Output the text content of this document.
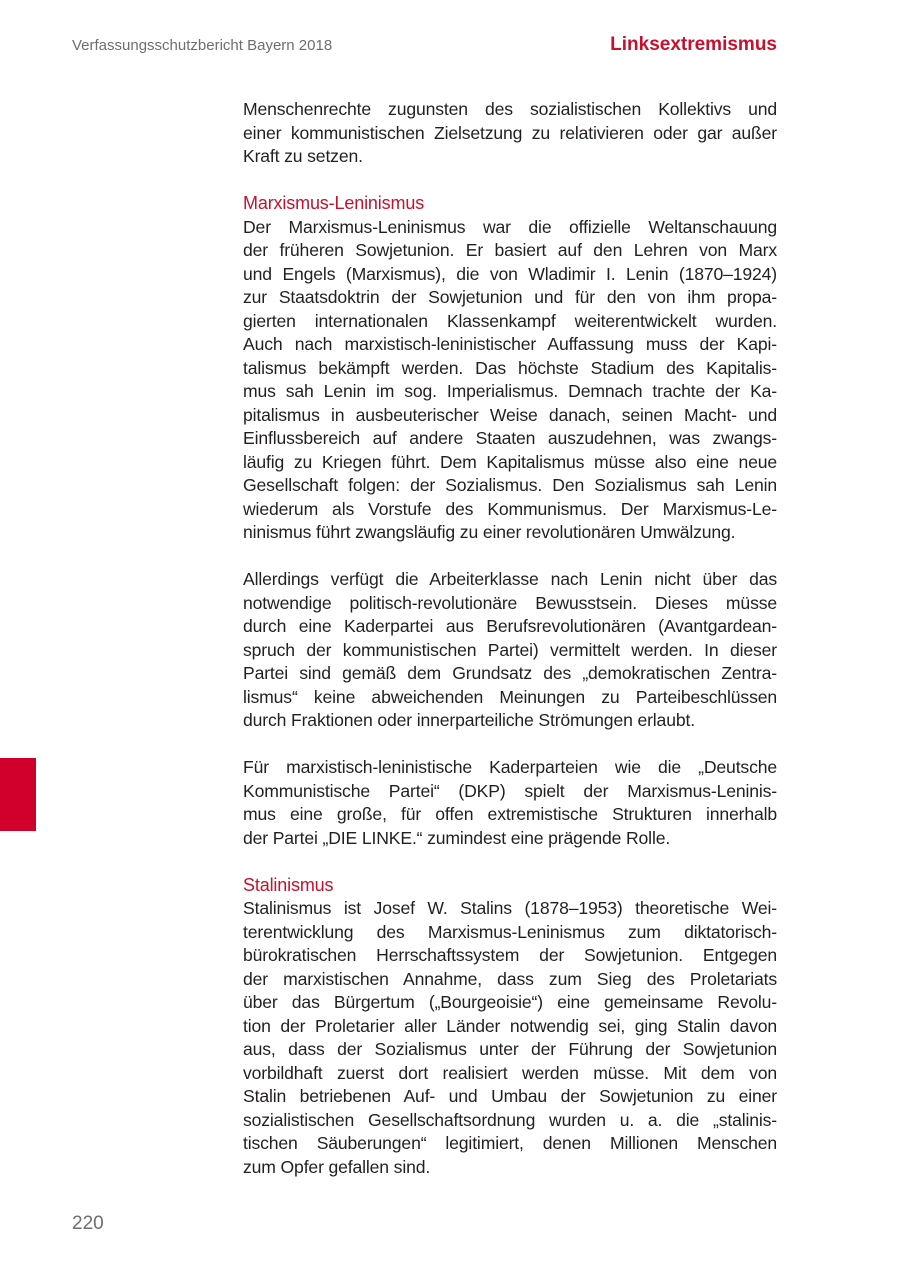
Verfassungsschutzbericht Bayern 2018	Linksextremismus
Menschenrechte zugunsten des sozialistischen Kollektivs und
einer kommunistischen Zielsetzung zu relativieren oder gar außer
Kraft zu setzen.
Marxismus-Leninismus
Der Marxismus-Leninismus war die offizielle Weltanschauung
der früheren Sowjetunion. Er basiert auf den Lehren von Marx
und Engels (Marxismus), die von Wladimir I. Lenin (1870–1924)
zur Staatsdoktrin der Sowjetunion und für den von ihm propa-
gierten internationalen Klassenkampf weiterentwickelt wurden.
Auch nach marxistisch-leninistischer Auffassung muss der Kapi-
talismus bekämpft werden. Das höchste Stadium des Kapitalis-
mus sah Lenin im sog. Imperialismus. Demnach trachte der Ka-
pitalismus in ausbeuterischer Weise danach, seinen Macht- und
Einflussbereich auf andere Staaten auszudehnen, was zwangs-
läufig zu Kriegen führt. Dem Kapitalismus müsse also eine neue
Gesellschaft folgen: der Sozialismus. Den Sozialismus sah Lenin
wiederum als Vorstufe des Kommunismus. Der Marxismus-Le-
ninismus führt zwangsläufig zu einer revolutionären Umwälzung.
Allerdings verfügt die Arbeiterklasse nach Lenin nicht über das
notwendige politisch-revolutionäre Bewusstsein. Dieses müsse
durch eine Kaderpartei aus Berufsrevolutionären (Avantgardean-
spruch der kommunistischen Partei) vermittelt werden. In dieser
Partei sind gemäß dem Grundsatz des „demokratischen Zentra-
lismus“ keine abweichenden Meinungen zu Parteibeschlüssen
durch Fraktionen oder innerparteiliche Strömungen erlaubt.
Für marxistisch-leninistische Kaderparteien wie die „Deutsche
Kommunistische Partei“ (DKP) spielt der Marxismus-Leninis-
mus eine große, für offen extremistische Strukturen innerhalb
der Partei „DIE LINKE.“ zumindest eine prägende Rolle.
Stalinismus
Stalinismus ist Josef W. Stalins (1878–1953) theoretische Wei-
terentwicklung des Marxismus-Leninismus zum diktatorisch-
bürokratischen Herrschaftssystem der Sowjetunion. Entgegen
der marxistischen Annahme, dass zum Sieg des Proletariats
über das Bürgertum („Bourgeoisie“) eine gemeinsame Revolu-
tion der Proletarier aller Länder notwendig sei, ging Stalin davon
aus, dass der Sozialismus unter der Führung der Sowjetunion
vorbildhaft zuerst dort realisiert werden müsse. Mit dem von
Stalin betriebenen Auf- und Umbau der Sowjetunion zu einer
sozialistischen Gesellschaftsordnung wurden u. a. die „stalinis-
tischen Säuberungen“ legitimiert, denen Millionen Menschen
zum Opfer gefallen sind.
220
